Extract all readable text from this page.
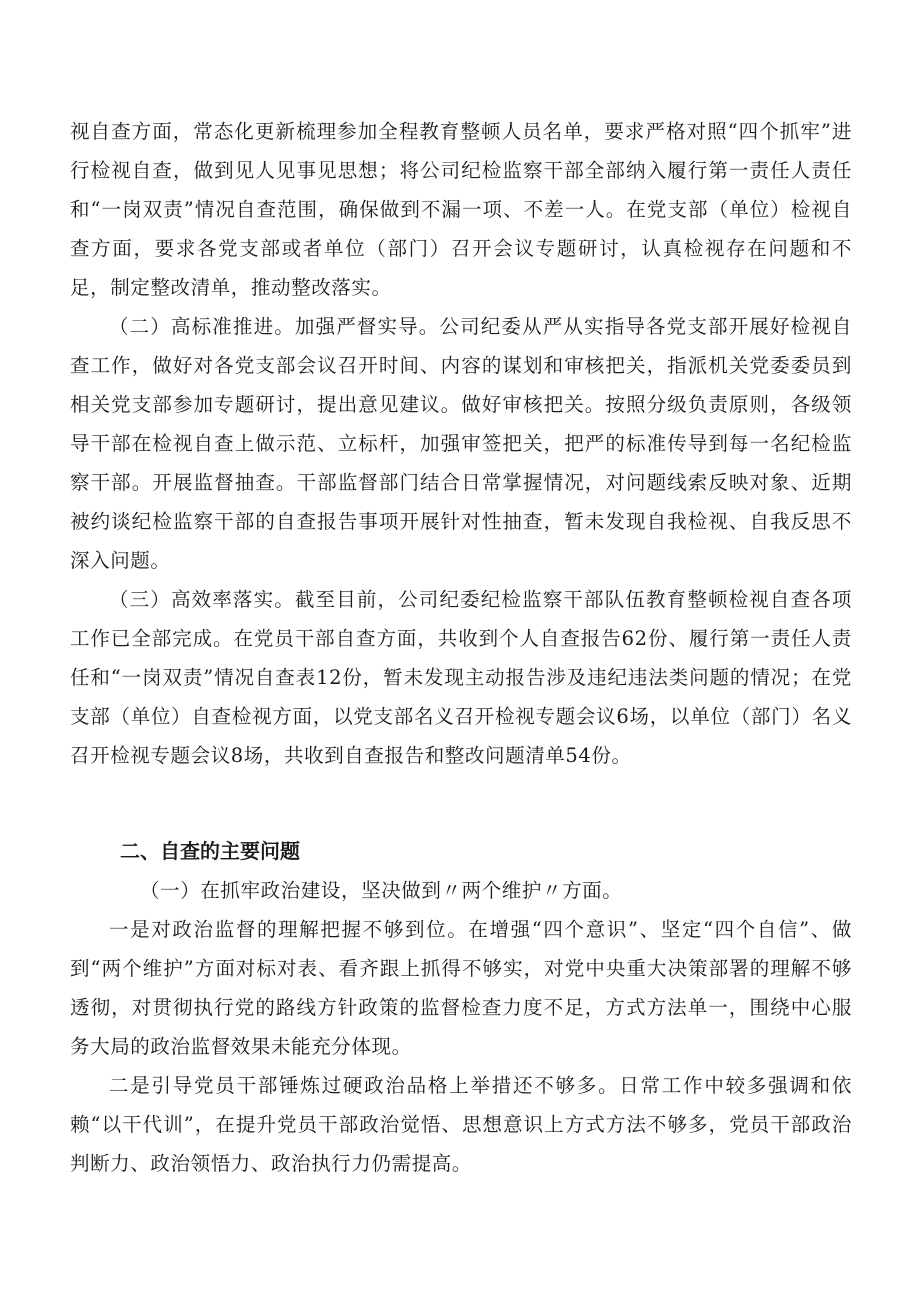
视自查方面，常态化更新梳理参加全程教育整顿人员名单，要求严格对照“四个抓牢”进行检视自查，做到见人见事见思想；将公司纪检监察干部全部纳入履行第一责任人责任和“一岗双责”情况自查范围，确保做到不漏一项、不差一人。在党支部（单位）检视自查方面，要求各党支部或者单位（部门）召开会议专题研讨，认真检视存在问题和不足，制定整改清单，推动整改落实。

（二）高标准推进。加强严督实导。公司纪委从严从实指导各党支部开展好检视自查工作，做好对各党支部会议召开时间、内容的谋划和审核把关，指派机关党委委员到相关党支部参加专题研讨，提出意见建议。做好审核把关。按照分级负责原则，各级领导干部在检视自查上做示范、立标杆，加强审签把关，把严的标准传导到每一名纪检监察干部。开展监督抽查。干部监督部门结合日常掌握情况，对问题线索反映对象、近期被约谈纪检监察干部的自查报告事项开展针对性抽查，暂未发现自我检视、自我反思不深入问题。

（三）高效率落实。截至目前，公司纪委纪检监察干部队伍教育整顿检视自查各项工作已全部完成。在党员干部自查方面，共收到个人自查报告62份、履行第一责任人责任和“一岗双责”情况自查表12份，暂未发现主动报告涉及违纪违法类问题的情况；在党支部（单位）自查检视方面，以党支部名义召开检视专题会议6场，以单位（部门）名义召开检视专题会议8场，共收到自查报告和整改问题清单54份。

二、自查的主要问题

（一）在抓牢政治建设，坚决做到〃两个维护〃方面。

一是对政治监督的理解把握不够到位。在增强“四个意识”、坚定“四个自信”、做到“两个维护”方面对标对表、看齐跟上抓得不够实，对党中央重大决策部署的理解不够透彻，对贯彻执行党的路线方针政策的监督检查力度不足，方式方法单一，围绕中心服务大局的政治监督效果未能充分体现。

二是引导党员干部锤炼过硬政治品格上举措还不够多。日常工作中较多强调和依赖“以干代训”，在提升党员干部政治觉悟、思想意识上方式方法不够多，党员干部政治判断力、政治领悟力、政治执行力仍需提高。
